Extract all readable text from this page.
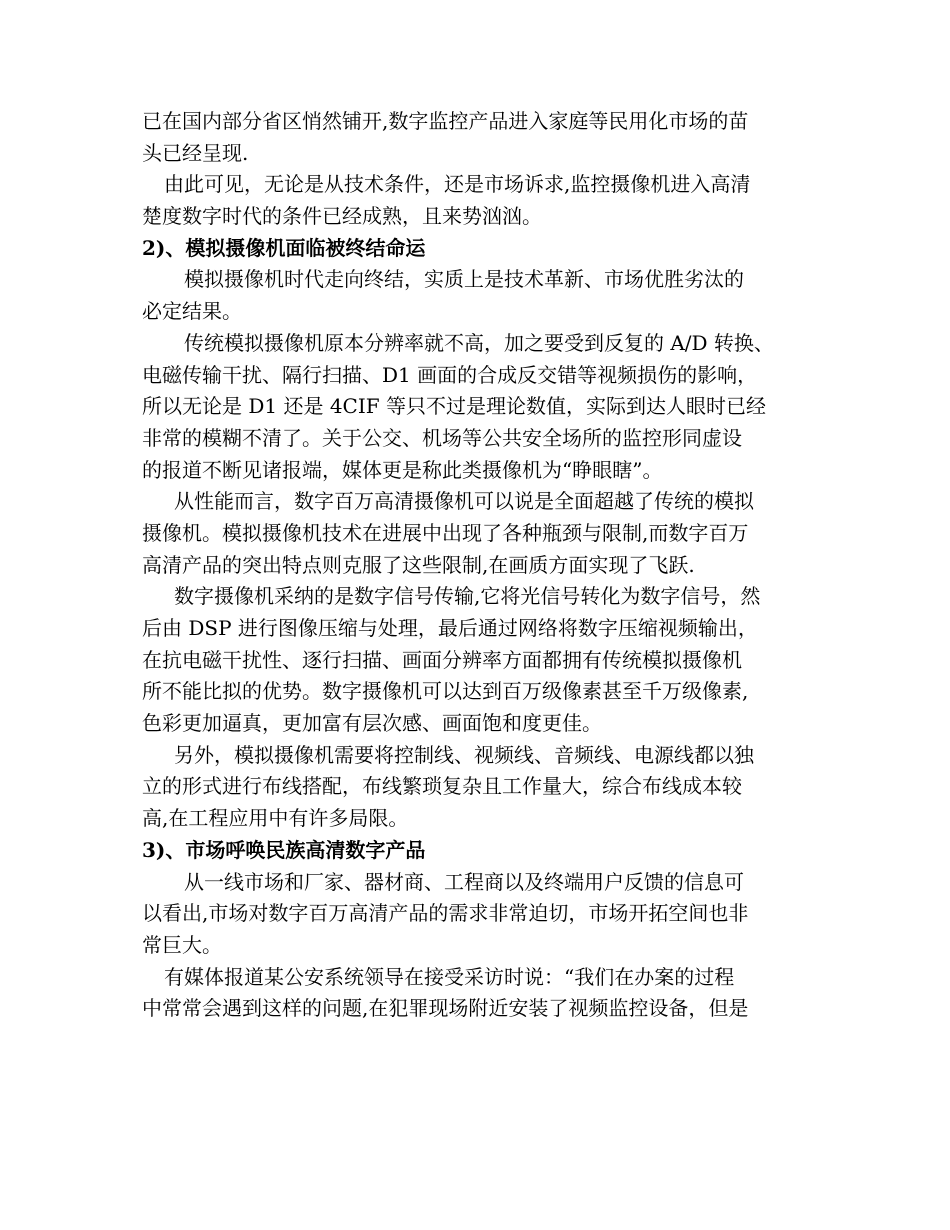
已在国内部分省区悄然铺开,数字监控产品进入家庭等民用化市场的苗
头已经呈现.
由此可见，无论是从技术条件，还是市场诉求,监控摄像机进入高清
楚度数字时代的条件已经成熟，且来势汹汹。
2)、模拟摄像机面临被终结命运
模拟摄像机时代走向终结，实质上是技术革新、市场优胜劣汰的
必定结果。
传统模拟摄像机原本分辨率就不高，加之要受到反复的 A/D 转换、
电磁传输干扰、隔行扫描、D1 画面的合成反交错等视频损伤的影响，
所以无论是 D1 还是 4CIF 等只不过是理论数值，实际到达人眼时已经
非常的模糊不清了。关于公交、机场等公共安全场所的监控形同虚设
的报道不断见诸报端，媒体更是称此类摄像机为“睁眼瞎”。
从性能而言，数字百万高清摄像机可以说是全面超越了传统的模拟
摄像机。模拟摄像机技术在进展中出现了各种瓶颈与限制,而数字百万
高清产品的突出特点则克服了这些限制,在画质方面实现了飞跃.
数字摄像机采纳的是数字信号传输,它将光信号转化为数字信号，然
后由 DSP 进行图像压缩与处理，最后通过网络将数字压缩视频输出，
在抗电磁干扰性、逐行扫描、画面分辨率方面都拥有传统模拟摄像机
所不能比拟的优势。数字摄像机可以达到百万级像素甚至千万级像素,
色彩更加逼真，更加富有层次感、画面饱和度更佳。
另外，模拟摄像机需要将控制线、视频线、音频线、电源线都以独
立的形式进行布线搭配，布线繁琐复杂且工作量大，综合布线成本较
高,在工程应用中有许多局限。
3)、市场呼唤民族高清数字产品
从一线市场和厂家、器材商、工程商以及终端用户反馈的信息可
以看出,市场对数字百万高清产品的需求非常迫切，市场开拓空间也非
常巨大。
有媒体报道某公安系统领导在接受采访时说：“我们在办案的过程
中常常会遇到这样的问题,在犯罪现场附近安装了视频监控设备，但是
